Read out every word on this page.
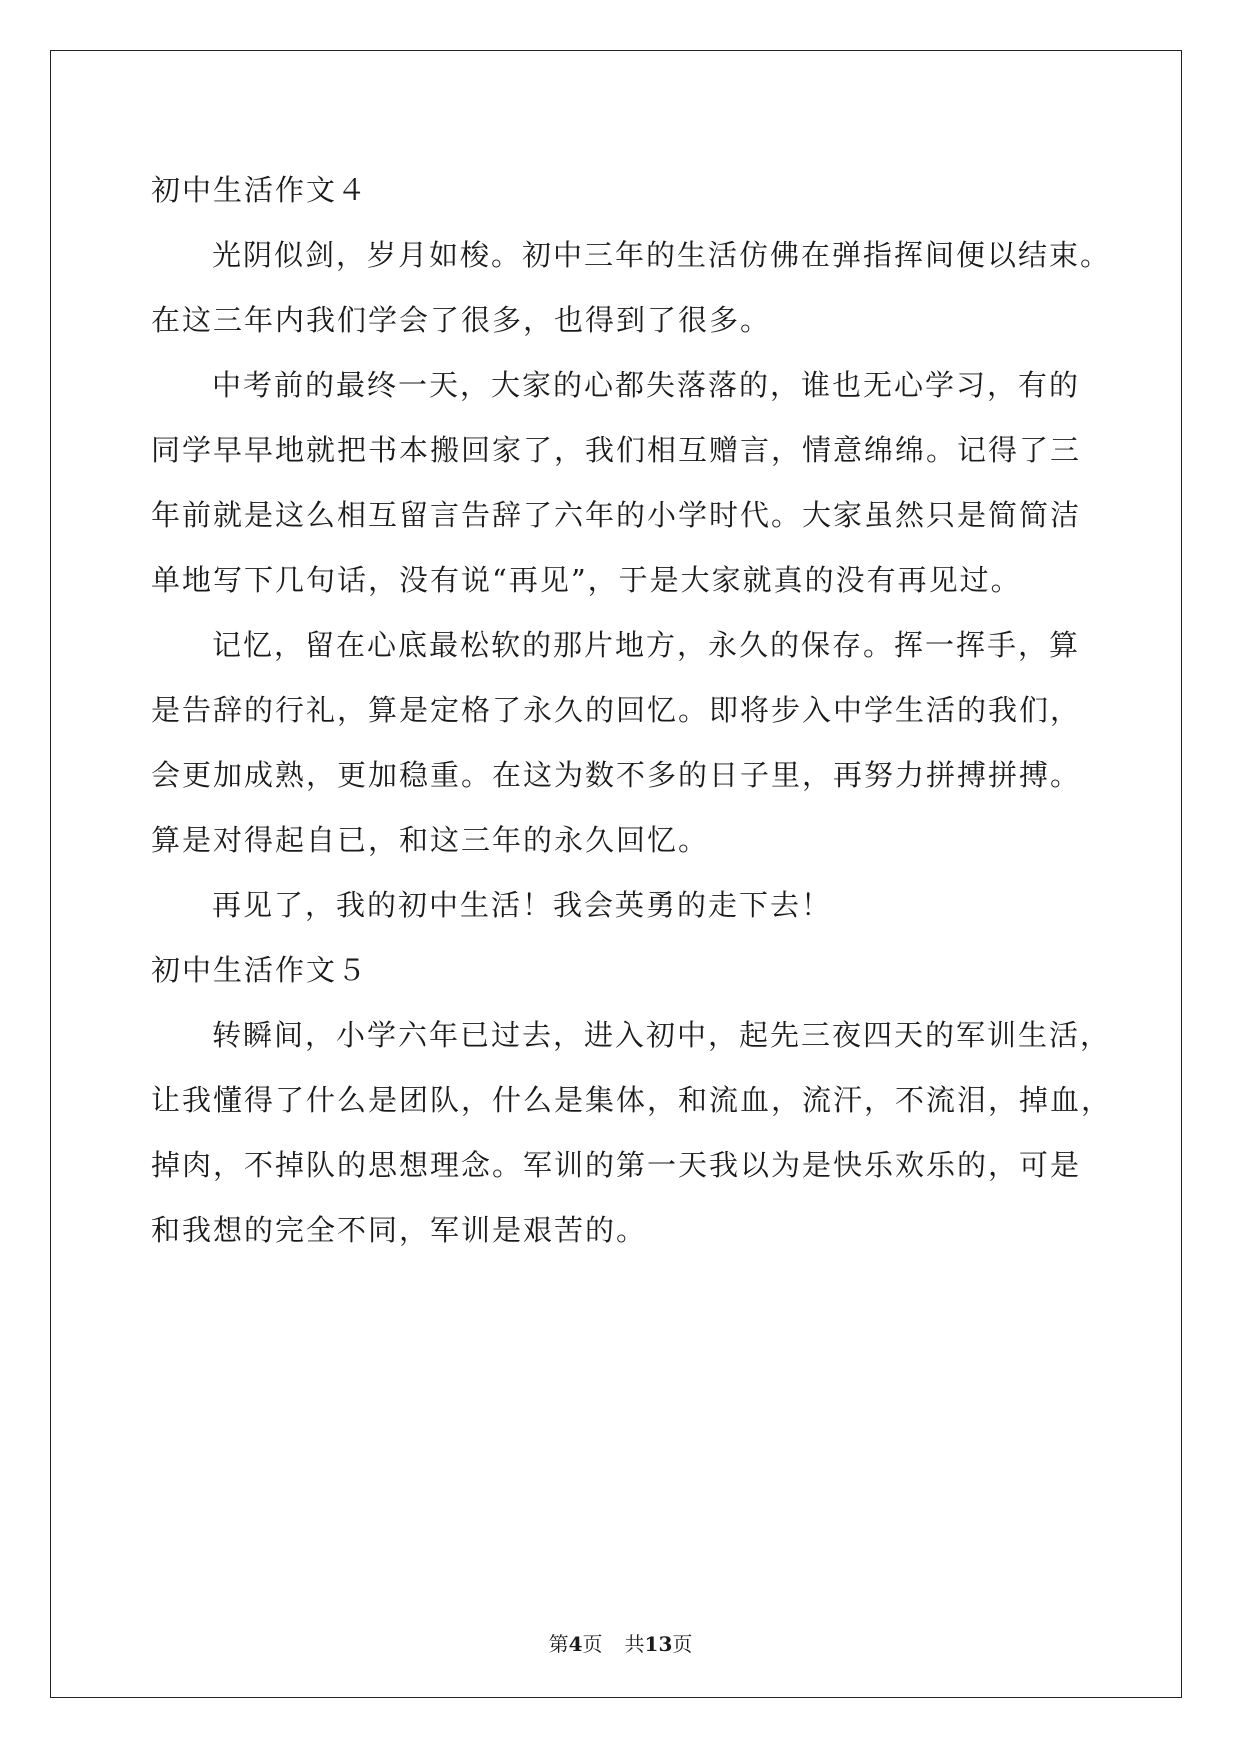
初中生活作文４
光阴似剑，岁月如梭。初中三年的生活仿佛在弹指挥间便以结束。
在这三年内我们学会了很多，也得到了很多。
中考前的最终一天，大家的心都失落落的，谁也无心学习，有的
同学早早地就把书本搬回家了，我们相互赠言，情意绵绵。记得了三
年前就是这么相互留言告辞了六年的小学时代。大家虽然只是简简洁
单地写下几句话，没有说“再见”，于是大家就真的没有再见过。
记忆，留在心底最松软的那片地方，永久的保存。挥一挥手，算
是告辞的行礼，算是定格了永久的回忆。即将步入中学生活的我们，
会更加成熟，更加稳重。在这为数不多的日子里，再努力拼搏拼搏。
算是对得起自已，和这三年的永久回忆。
再见了，我的初中生活！我会英勇的走下去！
初中生活作文５
转瞬间，小学六年已过去，进入初中，起先三夜四天的军训生活，
让我懂得了什么是团队，什么是集体，和流血，流汗，不流泪，掉血，
掉肉，不掉队的思想理念。军训的第一天我以为是快乐欢乐的，可是
和我想的完全不同，军训是艰苦的。
第4页 共13页
